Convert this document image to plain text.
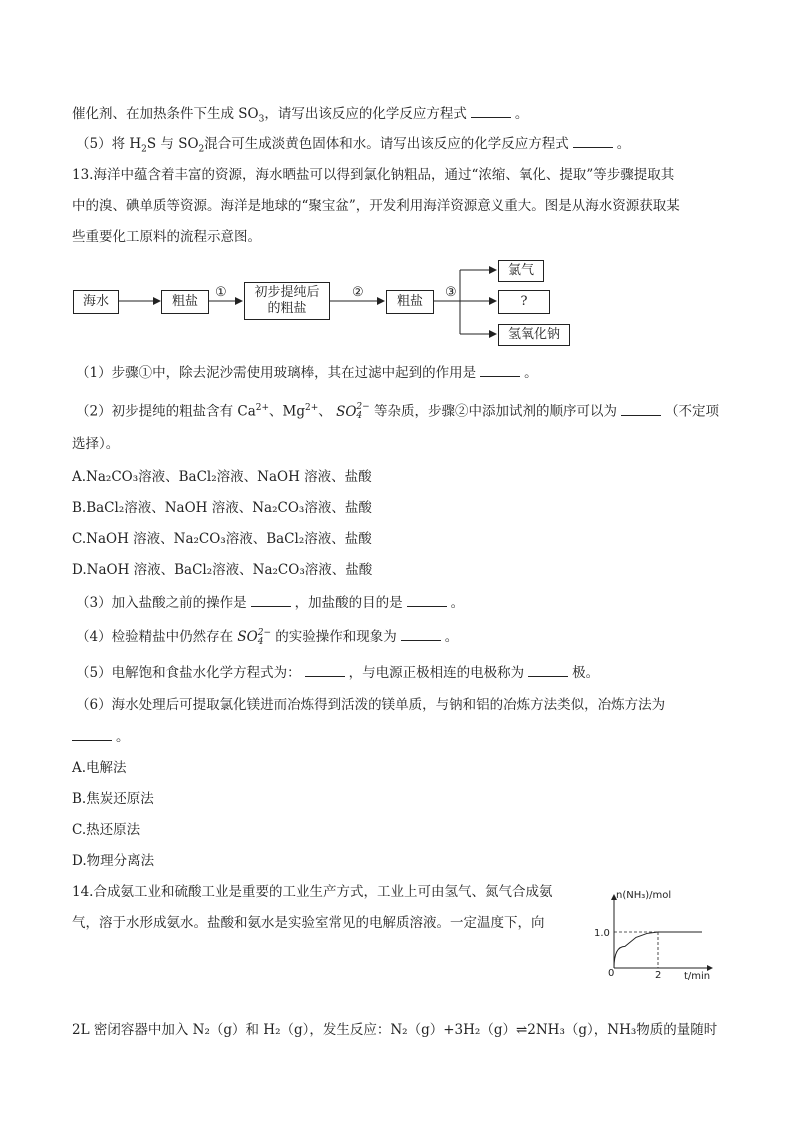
催化剂、在加热条件下生成 $SO_3$，请写出该反应的化学反应方程式	。
（5）将 $H_2S$ 与 $SO_2$混合可生成淡黄色固体和水。请写出该反应的化学反应方程式	。
13.海洋中蕴含着丰富的资源，海水晒盐可以得到氯化钠粗品，通过“浓缩、氧化、提取”等步骤提取其
中的溴、碘单质等资源。海洋是地球的“聚宝盆”，开发利用海洋资源意义重大。图是从海水资源获取某
些重要化工原料的流程示意图。
海水	粗盐
初步提纯后的粗盐	粗盐
氯气
?
氢氧化钠
①	②	③
（1）步骤①中，除去泥沙需使用玻璃棒，其在过滤中起到的作用是	。
（2）初步提纯的粗盐含有 $Ca^{2+}$、$Mg^{2+}$、 SO 2−
4 等杂质，步骤②中添加试剂的顺序可以为	（不定项
选择）。
A.Na₂CO₃溶液、BaCl₂溶液、NaOH 溶液、盐酸
B.BaCl₂溶液、NaOH 溶液、Na₂CO₃溶液、盐酸
C.NaOH 溶液、Na₂CO₃溶液、BaCl₂溶液、盐酸
D.NaOH 溶液、BaCl₂溶液、Na₂CO₃溶液、盐酸
（3）加入盐酸之前的操作是	，加盐酸的目的是	。
（4）检验精盐中仍然存在 SO 2−
4 的实验操作和现象为	。
（5）电解饱和食盐水化学方程式为：	，与电源正极相连的电极称为	极。
（6）海水处理后可提取氯化镁进而冶炼得到活泼的镁单质，与钠和铝的冶炼方法类似，冶炼方法为
。
A.电解法
B.焦炭还原法
C.热还原法
D.物理分离法
14.合成氨工业和硫酸工业是重要的工业生产方式，工业上可由氢气、氮气合成氨
气，溶于水形成氨水。盐酸和氨水是实验室常见的电解质溶液。一定温度下，向
2L 密闭容器中加入 N₂（g）和 H₂（g），发生反应：N₂（g）+3H₂（g）⇌2NH₃（g），NH₃物质的量随时
n(NH₃)/mol
t/min
0	2
1.0
